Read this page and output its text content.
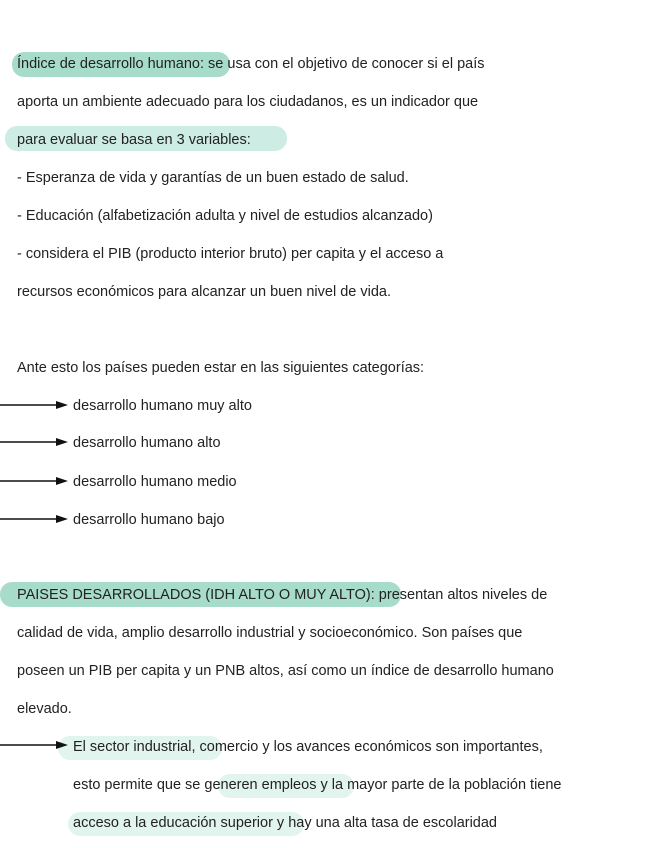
Índice de desarrollo humano: se usa con el objetivo de conocer si el país
aporta un ambiente adecuado para los ciudadanos, es un indicador que
para evaluar se basa en 3 variables:
- Esperanza de vida y garantías de un buen estado de salud.
- Educación (alfabetización adulta y nivel de estudios alcanzado)
- considera el PIB (producto interior bruto) per capita y el acceso a
recursos económicos para alcanzar un buen nivel de vida.
Ante esto los países pueden estar en las siguientes categorías:
desarrollo humano muy alto
desarrollo humano alto
desarrollo humano medio
desarrollo humano bajo
PAISES DESARROLLADOS (IDH ALTO O MUY ALTO): presentan altos niveles de
calidad de vida, amplio desarrollo industrial y socioeconómico. Son países que
poseen un PIB per capita y un PNB altos, así como un índice de desarrollo humano
elevado.
El sector industrial, comercio y los avances económicos son importantes,
esto permite que se generen empleos y la mayor parte de la población tiene
acceso a la educación superior y hay una alta tasa de escolaridad
